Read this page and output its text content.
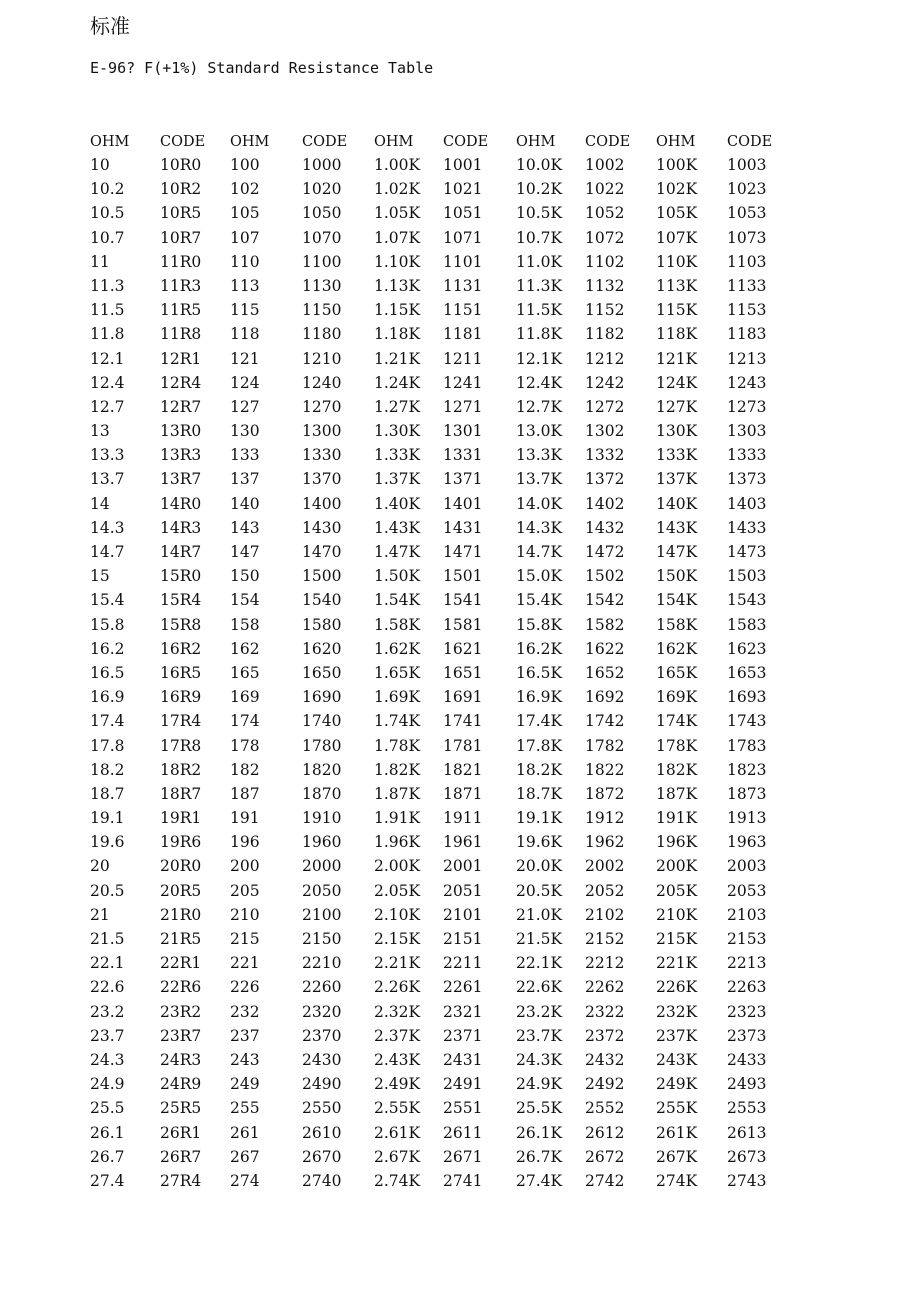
标准

E-96? F(+1%) Standard Resistance Table

OHM CODE OHM CODE OHM CODE OHM CODE OHM CODE
10	10R0 100	1000 1.00K 1001 10.0K 1002 100K 1003
10.2 10R2 102	1020 1.02K 1021 10.2K 1022 102K 1023
10.5 10R5 105	1050 1.05K 1051 10.5K 1052 105K 1053
10.7 10R7 107	1070 1.07K 1071 10.7K 1072 107K 1073
11	11R0 110	1100 1.10K 1101 11.0K 1102 110K 1103
11.3 11R3 113	1130 1.13K 1131 11.3K 1132 113K 1133
11.5 11R5 115	1150 1.15K 1151 11.5K 1152 115K 1153
11.8 11R8 118	1180 1.18K 1181 11.8K 1182 118K 1183
12.1 12R1 121	1210 1.21K 1211 12.1K 1212 121K 1213
12.4 12R4 124	1240 1.24K 1241 12.4K 1242 124K 1243
12.7 12R7 127	1270 1.27K 1271 12.7K 1272 127K 1273
13	13R0 130	1300 1.30K 1301 13.0K 1302 130K 1303
13.3 13R3 133	1330 1.33K 1331 13.3K 1332 133K 1333
13.7 13R7 137	1370 1.37K 1371 13.7K 1372 137K 1373
14	14R0 140	1400 1.40K 1401 14.0K 1402 140K 1403
14.3 14R3 143	1430 1.43K 1431 14.3K 1432 143K 1433
14.7 14R7 147	1470 1.47K 1471 14.7K 1472 147K 1473
15	15R0 150	1500 1.50K 1501 15.0K 1502 150K 1503
15.4 15R4 154	1540 1.54K 1541 15.4K 1542 154K 1543
15.8 15R8 158	1580 1.58K 1581 15.8K 1582 158K 1583
16.2 16R2 162	1620 1.62K 1621 16.2K 1622 162K 1623
16.5 16R5 165	1650 1.65K 1651 16.5K 1652 165K 1653
16.9 16R9 169	1690 1.69K 1691 16.9K 1692 169K 1693
17.4 17R4 174	1740 1.74K 1741 17.4K 1742 174K 1743
17.8 17R8 178	1780 1.78K 1781 17.8K 1782 178K 1783
18.2 18R2 182	1820 1.82K 1821 18.2K 1822 182K 1823
18.7 18R7 187	1870 1.87K 1871 18.7K 1872 187K 1873
19.1 19R1 191	1910 1.91K 1911 19.1K 1912 191K 1913
19.6 19R6 196	1960 1.96K 1961 19.6K 1962 196K 1963
20	20R0 200	2000 2.00K 2001 20.0K 2002 200K 2003
20.5 20R5 205	2050 2.05K 2051 20.5K 2052 205K 2053
21	21R0 210	2100 2.10K 2101 21.0K 2102 210K 2103
21.5 21R5 215	2150 2.15K 2151 21.5K 2152 215K 2153
22.1 22R1 221	2210 2.21K 2211 22.1K 2212 221K 2213
22.6 22R6 226	2260 2.26K 2261 22.6K 2262 226K 2263
23.2 23R2 232	2320 2.32K 2321 23.2K 2322 232K 2323
23.7 23R7 237	2370 2.37K 2371 23.7K 2372 237K 2373
24.3 24R3 243	2430 2.43K 2431 24.3K 2432 243K 2433
24.9 24R9 249	2490 2.49K 2491 24.9K 2492 249K 2493
25.5 25R5 255	2550 2.55K 2551 25.5K 2552 255K 2553
26.1 26R1 261	2610 2.61K 2611 26.1K 2612 261K 2613
26.7 26R7 267	2670 2.67K 2671 26.7K 2672 267K 2673
27.4 27R4 274	2740 2.74K 2741 27.4K 2742 274K 2743
